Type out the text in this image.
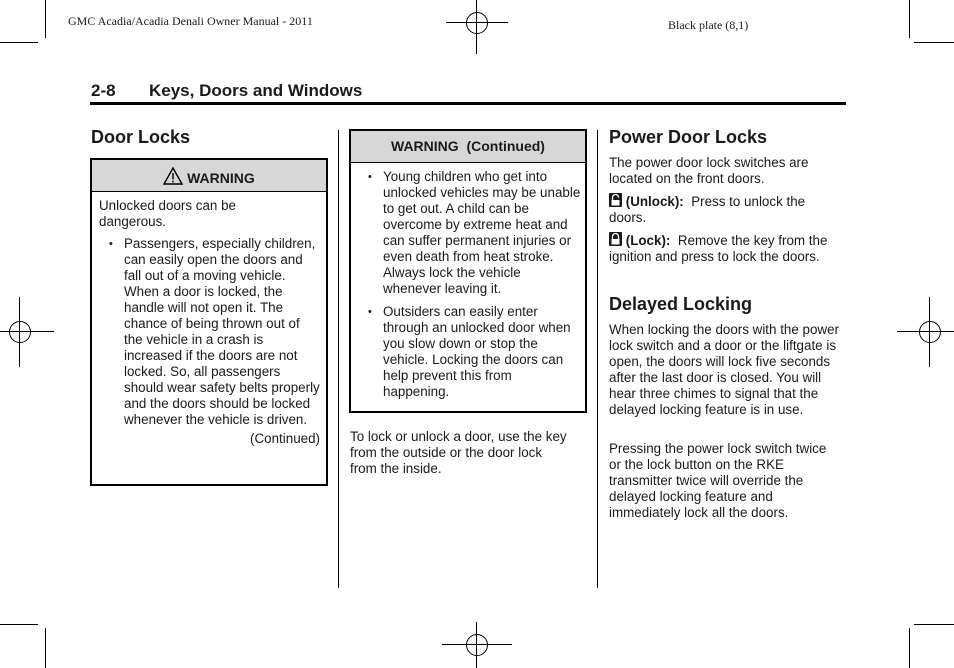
GMC Acadia/Acadia Denali Owner Manual - 2011	Black plate (8,1)
2-8 Keys, Doors and Windows
Door Locks
WARNING
Unlocked doors can be dangerous.
• Passengers, especially children, can easily open the doors and fall out of a moving vehicle. When a door is locked, the handle will not open it. The chance of being thrown out of the vehicle in a crash is increased if the doors are not locked. So, all passengers should wear safety belts properly and the doors should be locked whenever the vehicle is driven.
(Continued)
WARNING  (Continued)
• Young children who get into unlocked vehicles may be unable to get out. A child can be overcome by extreme heat and can suffer permanent injuries or even death from heat stroke. Always lock the vehicle whenever leaving it.
• Outsiders can easily enter through an unlocked door when you slow down or stop the vehicle. Locking the doors can help prevent this from happening.

To lock or unlock a door, use the key from the outside or the door lock from the inside.

Power Door Locks

The power door lock switches are located on the front doors.

(Unlock): Press to unlock the doors.

(Lock): Remove the key from the ignition and press to lock the doors.

Delayed Locking

When locking the doors with the power lock switch and a door or the liftgate is open, the doors will lock five seconds after the last door is closed. You will hear three chimes to signal that the delayed locking feature is in use.

Pressing the power lock switch twice or the lock button on the RKE transmitter twice will override the delayed locking feature and immediately lock all the doors.
